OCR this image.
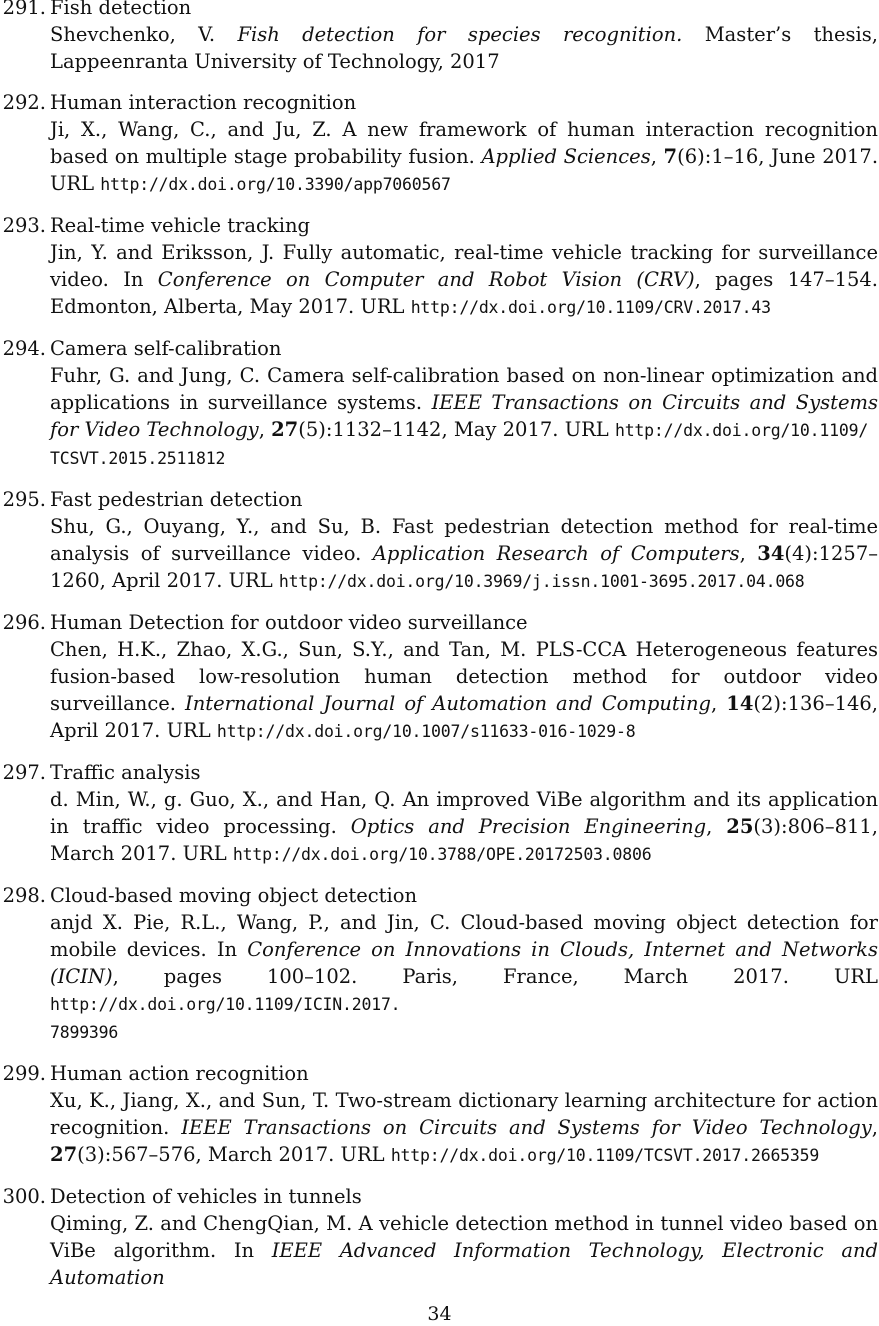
291. Fish detection
Shevchenko, V. Fish detection for species recognition. Master’s thesis, Lappeenranta University of Technology, 2017
292. Human interaction recognition
Ji, X., Wang, C., and Ju, Z. A new framework of human interaction recognition based on multiple stage probability fusion. Applied Sciences, 7(6):1–16, June 2017. URL http://dx.doi.org/10.3390/app7060567
293. Real-time vehicle tracking
Jin, Y. and Eriksson, J. Fully automatic, real-time vehicle tracking for surveillance video. In Conference on Computer and Robot Vision (CRV), pages 147–154. Edmonton, Alberta, May 2017. URL http://dx.doi.org/10.1109/CRV.2017.43
294. Camera self-calibration
Fuhr, G. and Jung, C. Camera self-calibration based on non-linear optimization and applications in surveillance systems. IEEE Transactions on Circuits and Systems for Video Technology, 27(5):1132–1142, May 2017. URL http://dx.doi.org/10.1109/
TCSVT.2015.2511812
295. Fast pedestrian detection
Shu, G., Ouyang, Y., and Su, B. Fast pedestrian detection method for real-time analysis of surveillance video. Application Research of Computers, 34(4):1257–1260, April 2017. URL http://dx.doi.org/10.3969/j.issn.1001-3695.2017.04.068
296. Human Detection for outdoor video surveillance
Chen, H.K., Zhao, X.G., Sun, S.Y., and Tan, M. PLS-CCA Heterogeneous features fusion-based low-resolution human detection method for outdoor video surveillance. International Journal of Automation and Computing, 14(2):136–146, April 2017. URL http://dx.doi.org/10.1007/s11633-016-1029-8
297. Traffic analysis
d. Min, W., g. Guo, X., and Han, Q. An improved ViBe algorithm and its application in traffic video processing. Optics and Precision Engineering, 25(3):806–811, March 2017. URL http://dx.doi.org/10.3788/OPE.20172503.0806
298. Cloud-based moving object detection
anjd X. Pie, R.L., Wang, P., and Jin, C. Cloud-based moving object detection for mobile devices. In Conference on Innovations in Clouds, Internet and Networks (ICIN), pages 100–102. Paris, France, March 2017. URL http://dx.doi.org/10.1109/ICIN.2017.
7899396
299. Human action recognition
Xu, K., Jiang, X., and Sun, T. Two-stream dictionary learning architecture for action recognition. IEEE Transactions on Circuits and Systems for Video Technology, 27(3):567–576, March 2017. URL http://dx.doi.org/10.1109/TCSVT.2017.2665359
300. Detection of vehicles in tunnels
Qiming, Z. and ChengQian, M. A vehicle detection method in tunnel video based on ViBe algorithm. In IEEE Advanced Information Technology, Electronic and Automation
34
